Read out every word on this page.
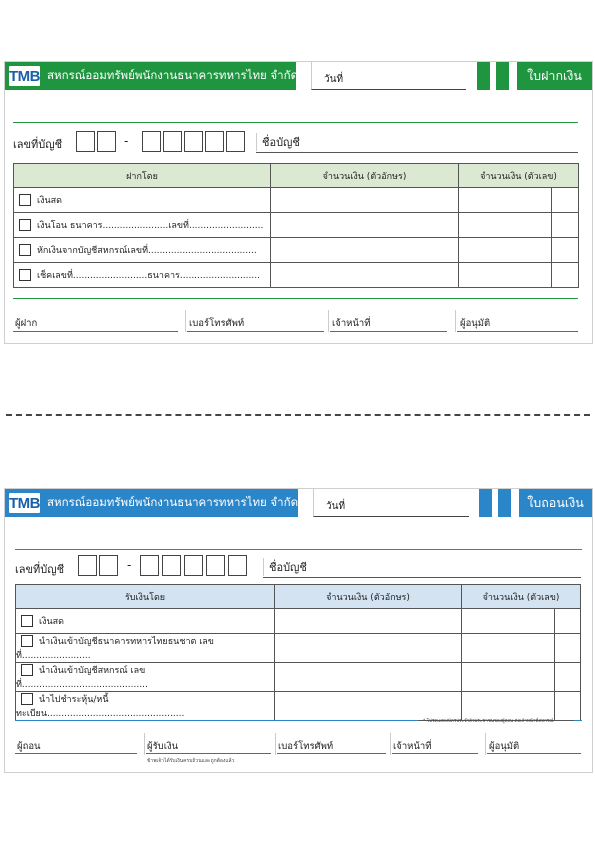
TMB สหกรณ์ออมทรัพย์พนักงานธนาคารทหารไทย จำกัด	วันที่	ใบฝากเงิน
เลขที่บัญชี	-	ชื่อบัญชี
ฝากโดย	จำนวนเงิน (ตัวอักษร)	จำนวนเงิน (ตัวเลข)	
เงินสด			
เงินโอน ธนาคาร.......................เลขที่..........................			
หักเงินจากบัญชีสหกรณ์เลขที่......................................			
เช็คเลขที่..........................ธนาคาร............................			
ผู้ฝาก	เบอร์โทรศัพท์	เจ้าหน้าที่	ผู้อนุมัติ
TMB สหกรณ์ออมทรัพย์พนักงานธนาคารทหารไทย จำกัด	วันที่	ใบถอนเงิน
เลขที่บัญชี	-	ชื่อบัญชี
รับเงินโดย	จำนวนเงิน (ตัวอักษร)	จำนวนเงิน (ตัวเลข)	
เงินสด			
นำเงินเข้าบัญชีธนาคารทหารไทยธนชาต เลขที่........................			
นำเงินเข้าบัญชีสหกรณ์ เลขที่............................................			
นำไปชำระหุ้น/หนี้ ทะเบียน................................................			
* โปรดแสดงบัตรประจำตัวประชาชนของผู้ถอน ต่อเจ้าหน้าที่สหกรณ์
ผู้ถอน	ผู้รับเงิน
ข้าพเจ้าได้รับเงินครบถ้วนและถูกต้องแล้ว
เบอร์โทรศัพท์	เจ้าหน้าที่	ผู้อนุมัติ
